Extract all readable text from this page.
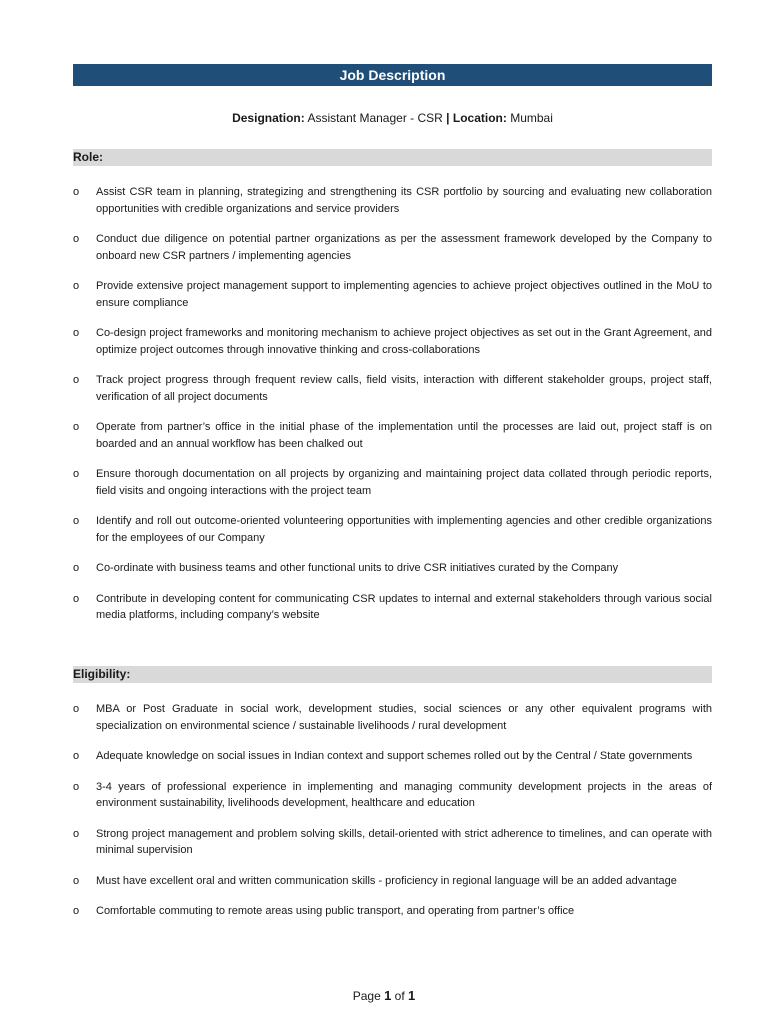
Job Description
Designation: Assistant Manager - CSR | Location: Mumbai
Role:
o	Assist CSR team in planning, strategizing and strengthening its CSR portfolio by sourcing and evaluating new collaboration opportunities with credible organizations and service providers
o	Conduct due diligence on potential partner organizations as per the assessment framework developed by the Company to onboard new CSR partners / implementing agencies
o	Provide extensive project management support to implementing agencies to achieve project objectives outlined in the MoU to ensure compliance
o	Co-design project frameworks and monitoring mechanism to achieve project objectives as set out in the Grant Agreement, and optimize project outcomes through innovative thinking and cross-collaborations
o	Track project progress through frequent review calls, field visits, interaction with different stakeholder groups, project staff, verification of all project documents
o	Operate from partner’s office in the initial phase of the implementation until the processes are laid out, project staff is on boarded and an annual workflow has been chalked out
o	Ensure thorough documentation on all projects by organizing and maintaining project data collated through periodic reports, field visits and ongoing interactions with the project team
o	Identify and roll out outcome-oriented volunteering opportunities with implementing agencies and other credible organizations for the employees of our Company
o	Co-ordinate with business teams and other functional units to drive CSR initiatives curated by the Company
o	Contribute in developing content for communicating CSR updates to internal and external stakeholders through various social media platforms, including company’s website
Eligibility:
o	MBA or Post Graduate in social work, development studies, social sciences or any other equivalent programs with specialization on environmental science / sustainable livelihoods / rural development
o	Adequate knowledge on social issues in Indian context and support schemes rolled out by the Central / State governments
o	3-4 years of professional experience in implementing and managing community development projects in the areas of environment sustainability, livelihoods development, healthcare and education
o	Strong project management and problem solving skills, detail-oriented with strict adherence to timelines, and can operate with minimal supervision
o	Must have excellent oral and written communication skills - proficiency in regional language will be an added advantage
o	Comfortable commuting to remote areas using public transport, and operating from partner’s office
Page 1 of 1
